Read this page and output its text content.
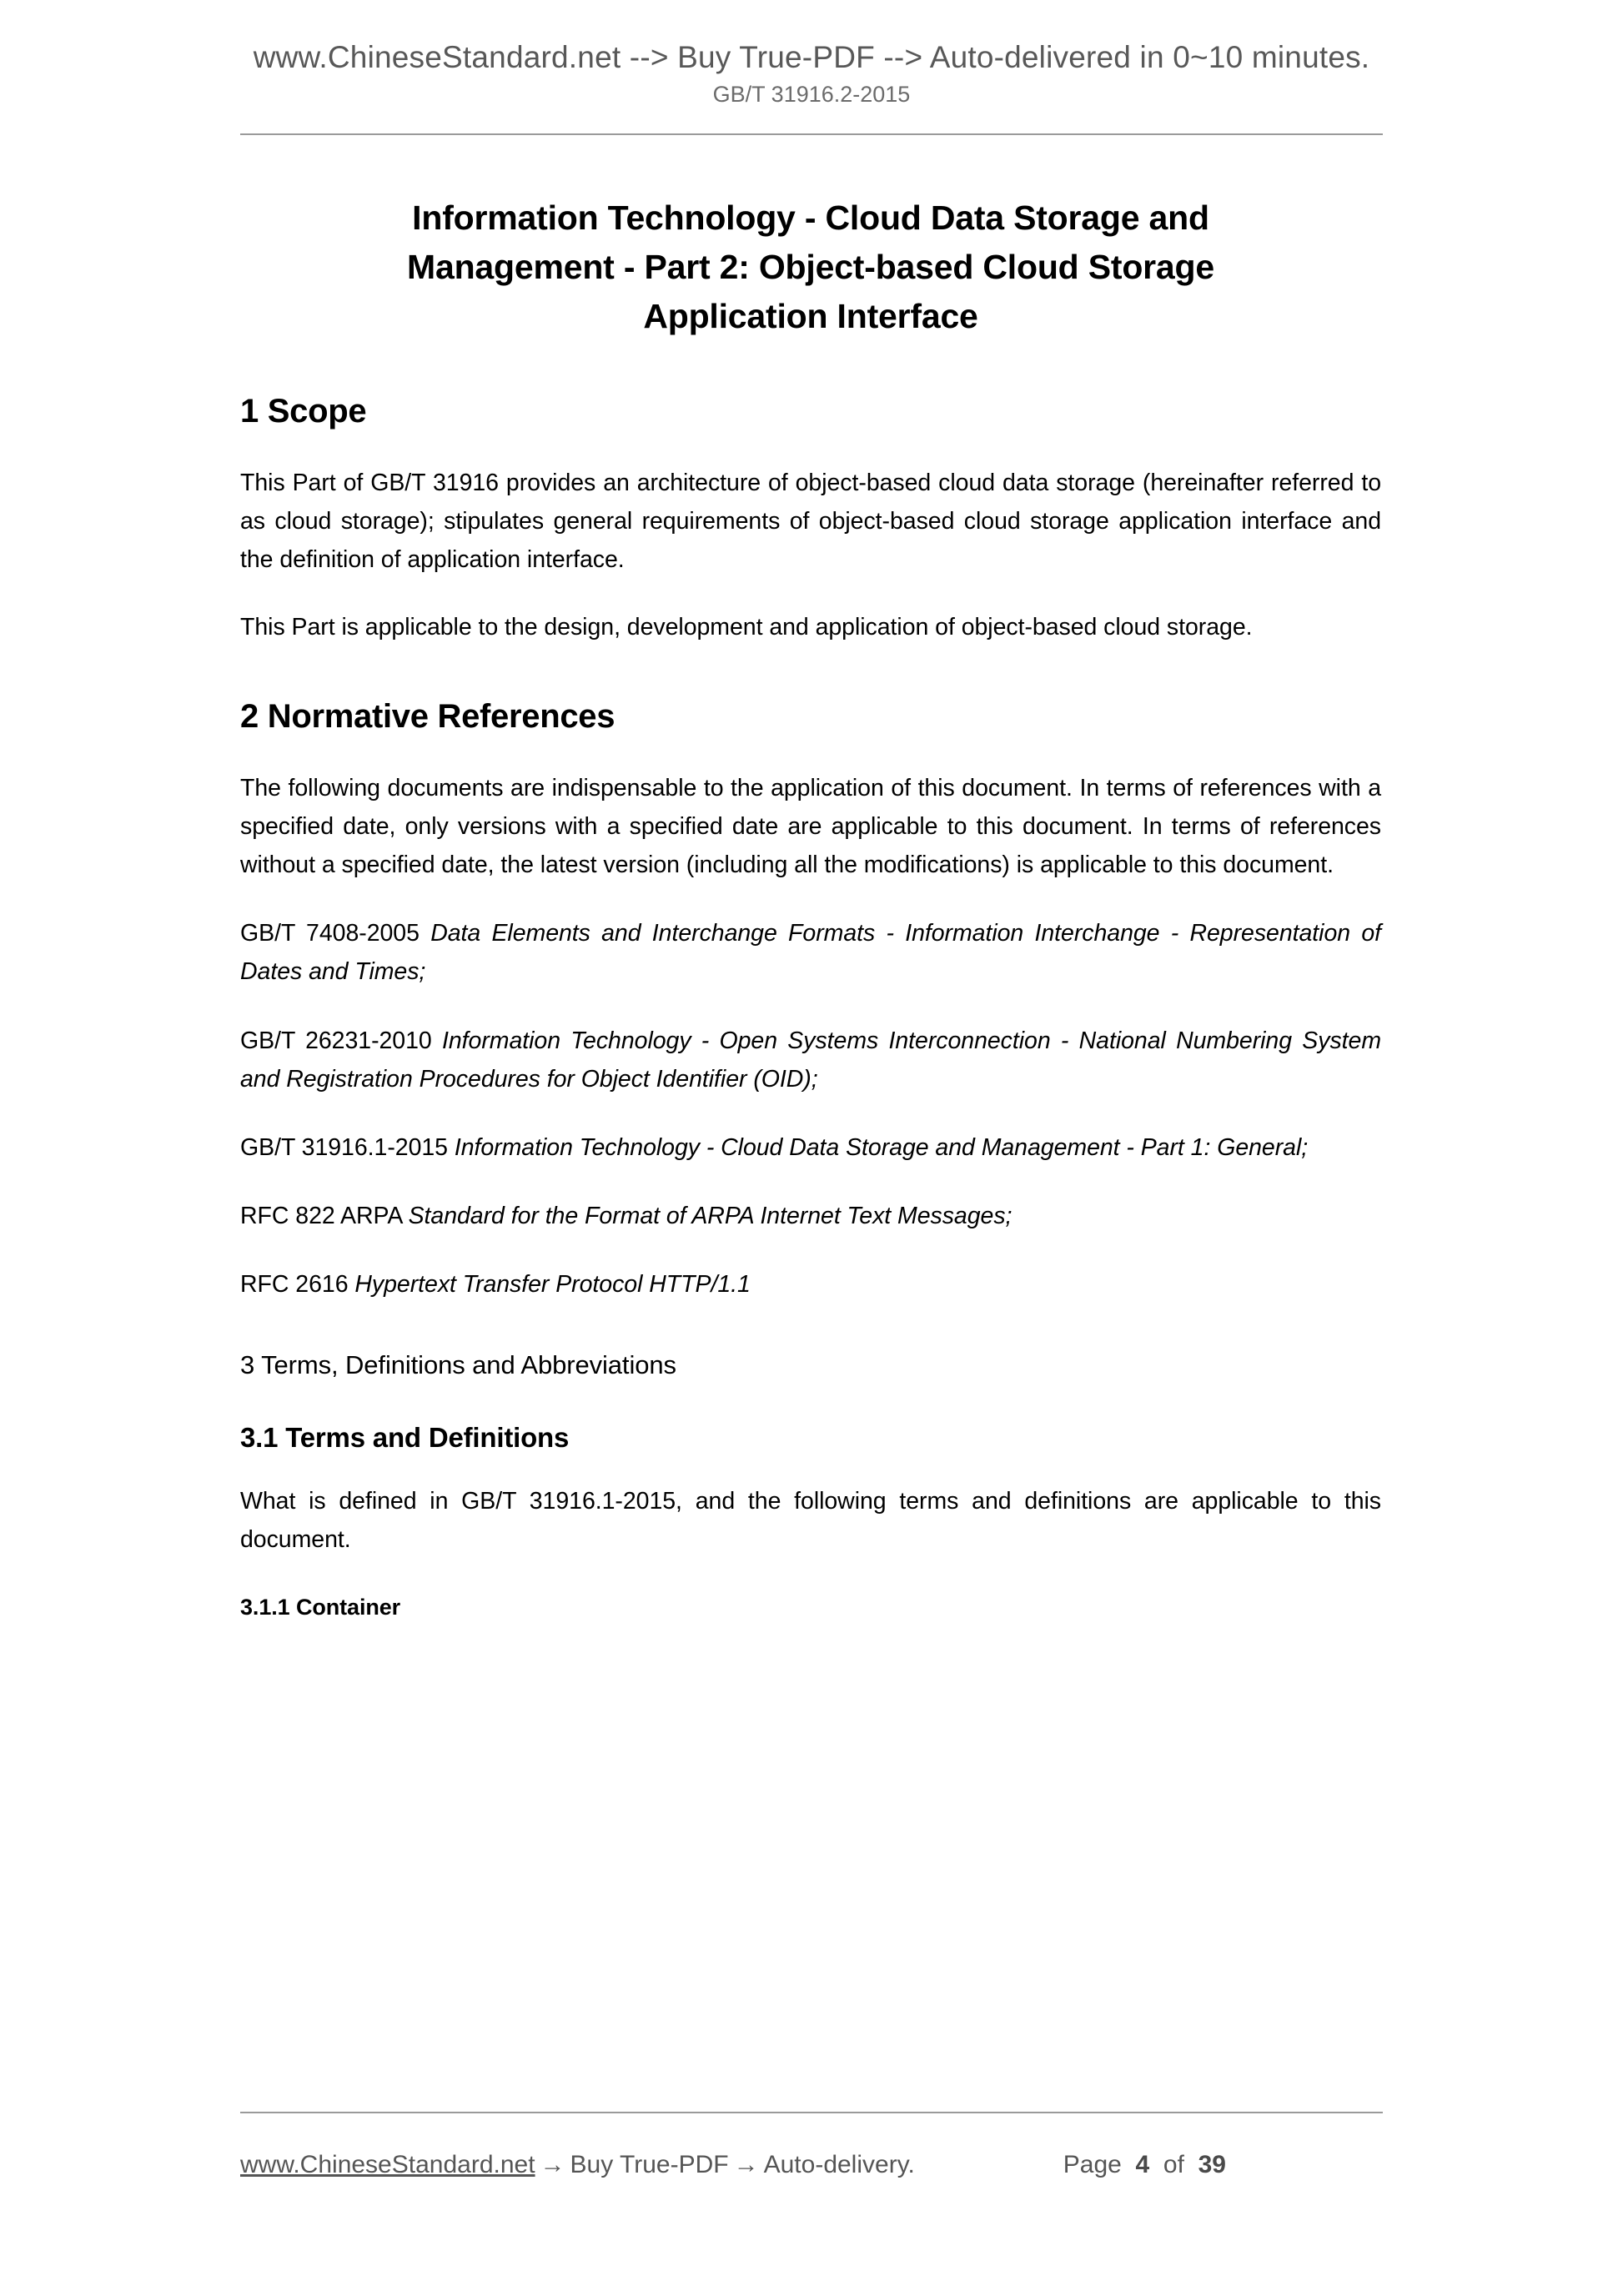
www.ChineseStandard.net --> Buy True-PDF --> Auto-delivered in 0~10 minutes.
GB/T 31916.2-2015
Information Technology - Cloud Data Storage and
Management - Part 2: Object-based Cloud Storage
Application Interface
1 Scope

This Part of GB/T 31916 provides an architecture of object-based cloud data storage (hereinafter referred to as cloud storage); stipulates general requirements of object-based cloud storage application interface and the definition of application interface.

This Part is applicable to the design, development and application of object-based cloud storage.

2 Normative References

The following documents are indispensable to the application of this document. In terms of references with a specified date, only versions with a specified date are applicable to this document. In terms of references without a specified date, the latest version (including all the modifications) is applicable to this document.

GB/T 7408-2005 Data Elements and Interchange Formats - Information Interchange - Representation of Dates and Times;

GB/T 26231-2010 Information Technology - Open Systems Interconnection - National Numbering System and Registration Procedures for Object Identifier (OID);

GB/T 31916.1-2015 Information Technology - Cloud Data Storage and Management - Part 1: General;

RFC 822 ARPA Standard for the Format of ARPA Internet Text Messages;

RFC 2616 Hypertext Transfer Protocol HTTP/1.1

3 Terms, Definitions and Abbreviations
3.1 Terms and Definitions

What is defined in GB/T 31916.1-2015, and the following terms and definitions are applicable to this document.

3.1.1 Container
www.ChineseStandard.net → Buy True-PDF → Auto-delivery.	Page 4 of 39
